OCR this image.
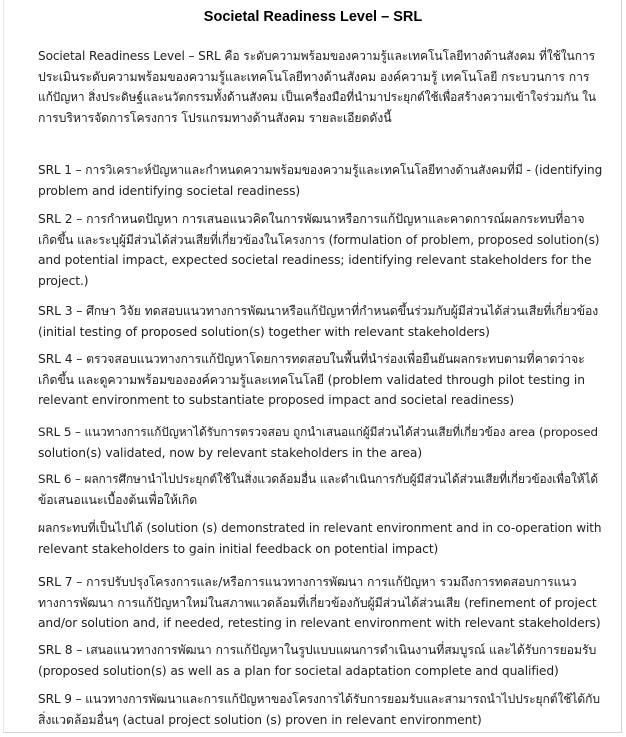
Societal Readiness Level – SRL
Societal Readiness Level – SRL คือ ระดับความพร้อมของความรู้และเทคโนโลยีทางด้านสังคม ที่ใช้ในการ
ประเมินระดับความพร้อมของความรู้และเทคโนโลยีทางด้านสังคม องค์ความรู้ เทคโนโลยี กระบวนการ การ
แก้ปัญหา สิ่งประดิษฐ์และนวัตกรรมทั้งด้านสังคม เป็นเครื่องมือที่นำมาประยุกต์ใช้เพื่อสร้างความเข้าใจร่วมกัน ใน
การบริหารจัดการโครงการ โปรแกรมทางด้านสังคม รายละเอียดดังนี้
SRL 1 – การวิเคราะห์ปัญหาและกำหนดความพร้อมของความรู้และเทคโนโลยีทางด้านสังคมที่มี - (identifying
problem and identifying societal readiness)
SRL 2 – การกำหนดปัญหา การเสนอแนวคิดในการพัฒนาหรือการแก้ปัญหาและคาดการณ์ผลกระทบที่อาจ
เกิดขึ้น และระบุผู้มีส่วนได้ส่วนเสียที่เกี่ยวข้องในโครงการ (formulation of problem, proposed solution(s)
and potential impact, expected societal readiness; identifying relevant stakeholders for the
project.)
SRL 3 – ศึกษา วิจัย ทดสอบแนวทางการพัฒนาหรือแก้ปัญหาที่กำหนดขึ้นร่วมกับผู้มีส่วนได้ส่วนเสียที่เกี่ยวข้อง
(initial testing of proposed solution(s) together with relevant stakeholders)
SRL 4 – ตรวจสอบแนวทางการแก้ปัญหาโดยการทดสอบในพื้นที่นำร่องเพื่อยืนยันผลกระทบตามที่คาดว่าจะ
เกิดขึ้น และดูความพร้อมขององค์ความรู้และเทคโนโลยี (problem validated through pilot testing in
relevant environment to substantiate proposed impact and societal readiness)
SRL 5 – แนวทางการแก้ปัญหาได้รับการตรวจสอบ ถูกนำเสนอแก่ผู้มีส่วนได้ส่วนเสียที่เกี่ยวข้อง area (proposed
solution(s) validated, now by relevant stakeholders in the area)
SRL 6 – ผลการศึกษานำไปประยุกต์ใช้ในสิ่งแวดล้อมอื่น และดำเนินการกับผู้มีส่วนได้ส่วนเสียที่เกี่ยวข้องเพื่อให้ได้
ข้อเสนอแนะเบื้องต้นเพื่อให้เกิด
ผลกระทบที่เป็นไปได้ (solution (s) demonstrated in relevant environment and in co-operation with
relevant stakeholders to gain initial feedback on potential impact)
SRL 7 – การปรับปรุงโครงการและ/หรือการแนวทางการพัฒนา การแก้ปัญหา รวมถึงการทดสอบการแนว
ทางการพัฒนา การแก้ปัญหาใหม่ในสภาพแวดล้อมที่เกี่ยวข้องกับผู้มีส่วนได้ส่วนเสีย (refinement of project
and/or solution and, if needed, retesting in relevant environment with relevant stakeholders)
SRL 8 – เสนอแนวทางการพัฒนา การแก้ปัญหาในรูปแบบแผนการดำเนินงานที่สมบูรณ์ และได้รับการยอมรับ
(proposed solution(s) as well as a plan for societal adaptation complete and qualified)
SRL 9 – แนวทางการพัฒนาและการแก้ปัญหาของโครงการได้รับการยอมรับและสามารถนำไปประยุกต์ใช้ได้กับ
สิ่งแวดล้อมอื่นๆ (actual project solution (s) proven in relevant environment)
